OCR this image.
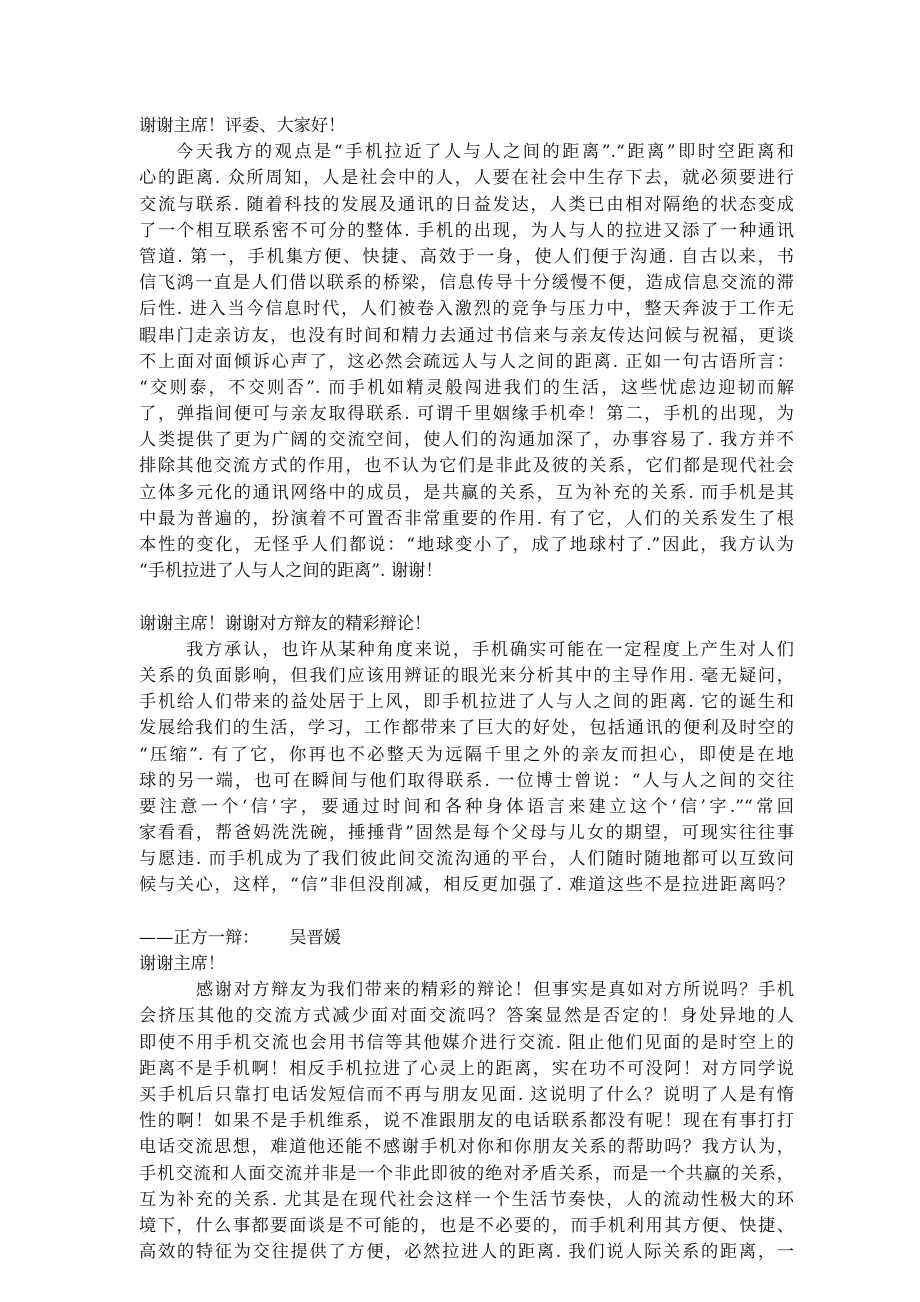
谢谢主席！评委、大家好！
今天我方的观点是“手机拉近了人与人之间的距离”.“距离”即时空距离和
心的距离. 众所周知，人是社会中的人，人要在社会中生存下去，就必须要进行
交流与联系. 随着科技的发展及通讯的日益发达，人类已由相对隔绝的状态变成
了一个相互联系密不可分的整体. 手机的出现，为人与人的拉进又添了一种通讯
管道. 第一，手机集方便、快捷、高效于一身，使人们便于沟通. 自古以来，书
信飞鸿一直是人们借以联系的桥梁，信息传导十分缓慢不便，造成信息交流的滞
后性. 进入当今信息时代，人们被卷入激烈的竞争与压力中，整天奔波于工作无
暇串门走亲访友，也没有时间和精力去通过书信来与亲友传达问候与祝福，更谈
不上面对面倾诉心声了，这必然会疏远人与人之间的距离. 正如一句古语所言：
“交则泰，不交则否”. 而手机如精灵般闯进我们的生活，这些忧虑边迎韧而解
了，弹指间便可与亲友取得联系. 可谓千里姻缘手机牵！第二，手机的出现，为
人类提供了更为广阔的交流空间，使人们的沟通加深了，办事容易了. 我方并不
排除其他交流方式的作用，也不认为它们是非此及彼的关系，它们都是现代社会
立体多元化的通讯网络中的成员，是共赢的关系，互为补充的关系. 而手机是其
中最为普遍的，扮演着不可置否非常重要的作用. 有了它，人们的关系发生了根
本性的变化，无怪乎人们都说：“地球变小了，成了地球村了.”因此，我方认为
“手机拉进了人与人之间的距离”. 谢谢！
谢谢主席！谢谢对方辩友的精彩辩论！
我方承认，也许从某种角度来说，手机确实可能在一定程度上产生对人们
关系的负面影响，但我们应该用辨证的眼光来分析其中的主导作用. 毫无疑问，
手机给人们带来的益处居于上风，即手机拉进了人与人之间的距离. 它的诞生和
发展给我们的生活，学习，工作都带来了巨大的好处，包括通讯的便利及时空的
“压缩”. 有了它，你再也不必整天为远隔千里之外的亲友而担心，即使是在地
球的另一端，也可在瞬间与他们取得联系. 一位博士曾说：“人与人之间的交往
要注意一个‘信’字，要通过时间和各种身体语言来建立这个‘信’字.”“常回
家看看，帮爸妈洗洗碗，捶捶背”固然是每个父母与儿女的期望，可现实往往事
与愿违. 而手机成为了我们彼此间交流沟通的平台，人们随时随地都可以互致问
候与关心，这样，“信”非但没削减，相反更加强了. 难道这些不是拉进距离吗？
——正方一辩： 吴晋媛
谢谢主席！
感谢对方辩友为我们带来的精彩的辩论！但事实是真如对方所说吗？手机
会挤压其他的交流方式减少面对面交流吗？答案显然是否定的！身处异地的人
即使不用手机交流也会用书信等其他媒介进行交流. 阻止他们见面的是时空上的
距离不是手机啊！相反手机拉进了心灵上的距离，实在功不可没阿！对方同学说
买手机后只靠打电话发短信而不再与朋友见面. 这说明了什么？说明了人是有惰
性的啊！如果不是手机维系，说不准跟朋友的电话联系都没有呢！现在有事打打
电话交流思想，难道他还能不感谢手机对你和你朋友关系的帮助吗？我方认为，
手机交流和人面交流并非是一个非此即彼的绝对矛盾关系，而是一个共赢的关系，
互为补充的关系. 尤其是在现代社会这样一个生活节奏快，人的流动性极大的环
境下，什么事都要面谈是不可能的，也是不必要的，而手机利用其方便、快捷、
高效的特征为交往提供了方便，必然拉进人的距离. 我们说人际关系的距离，一
